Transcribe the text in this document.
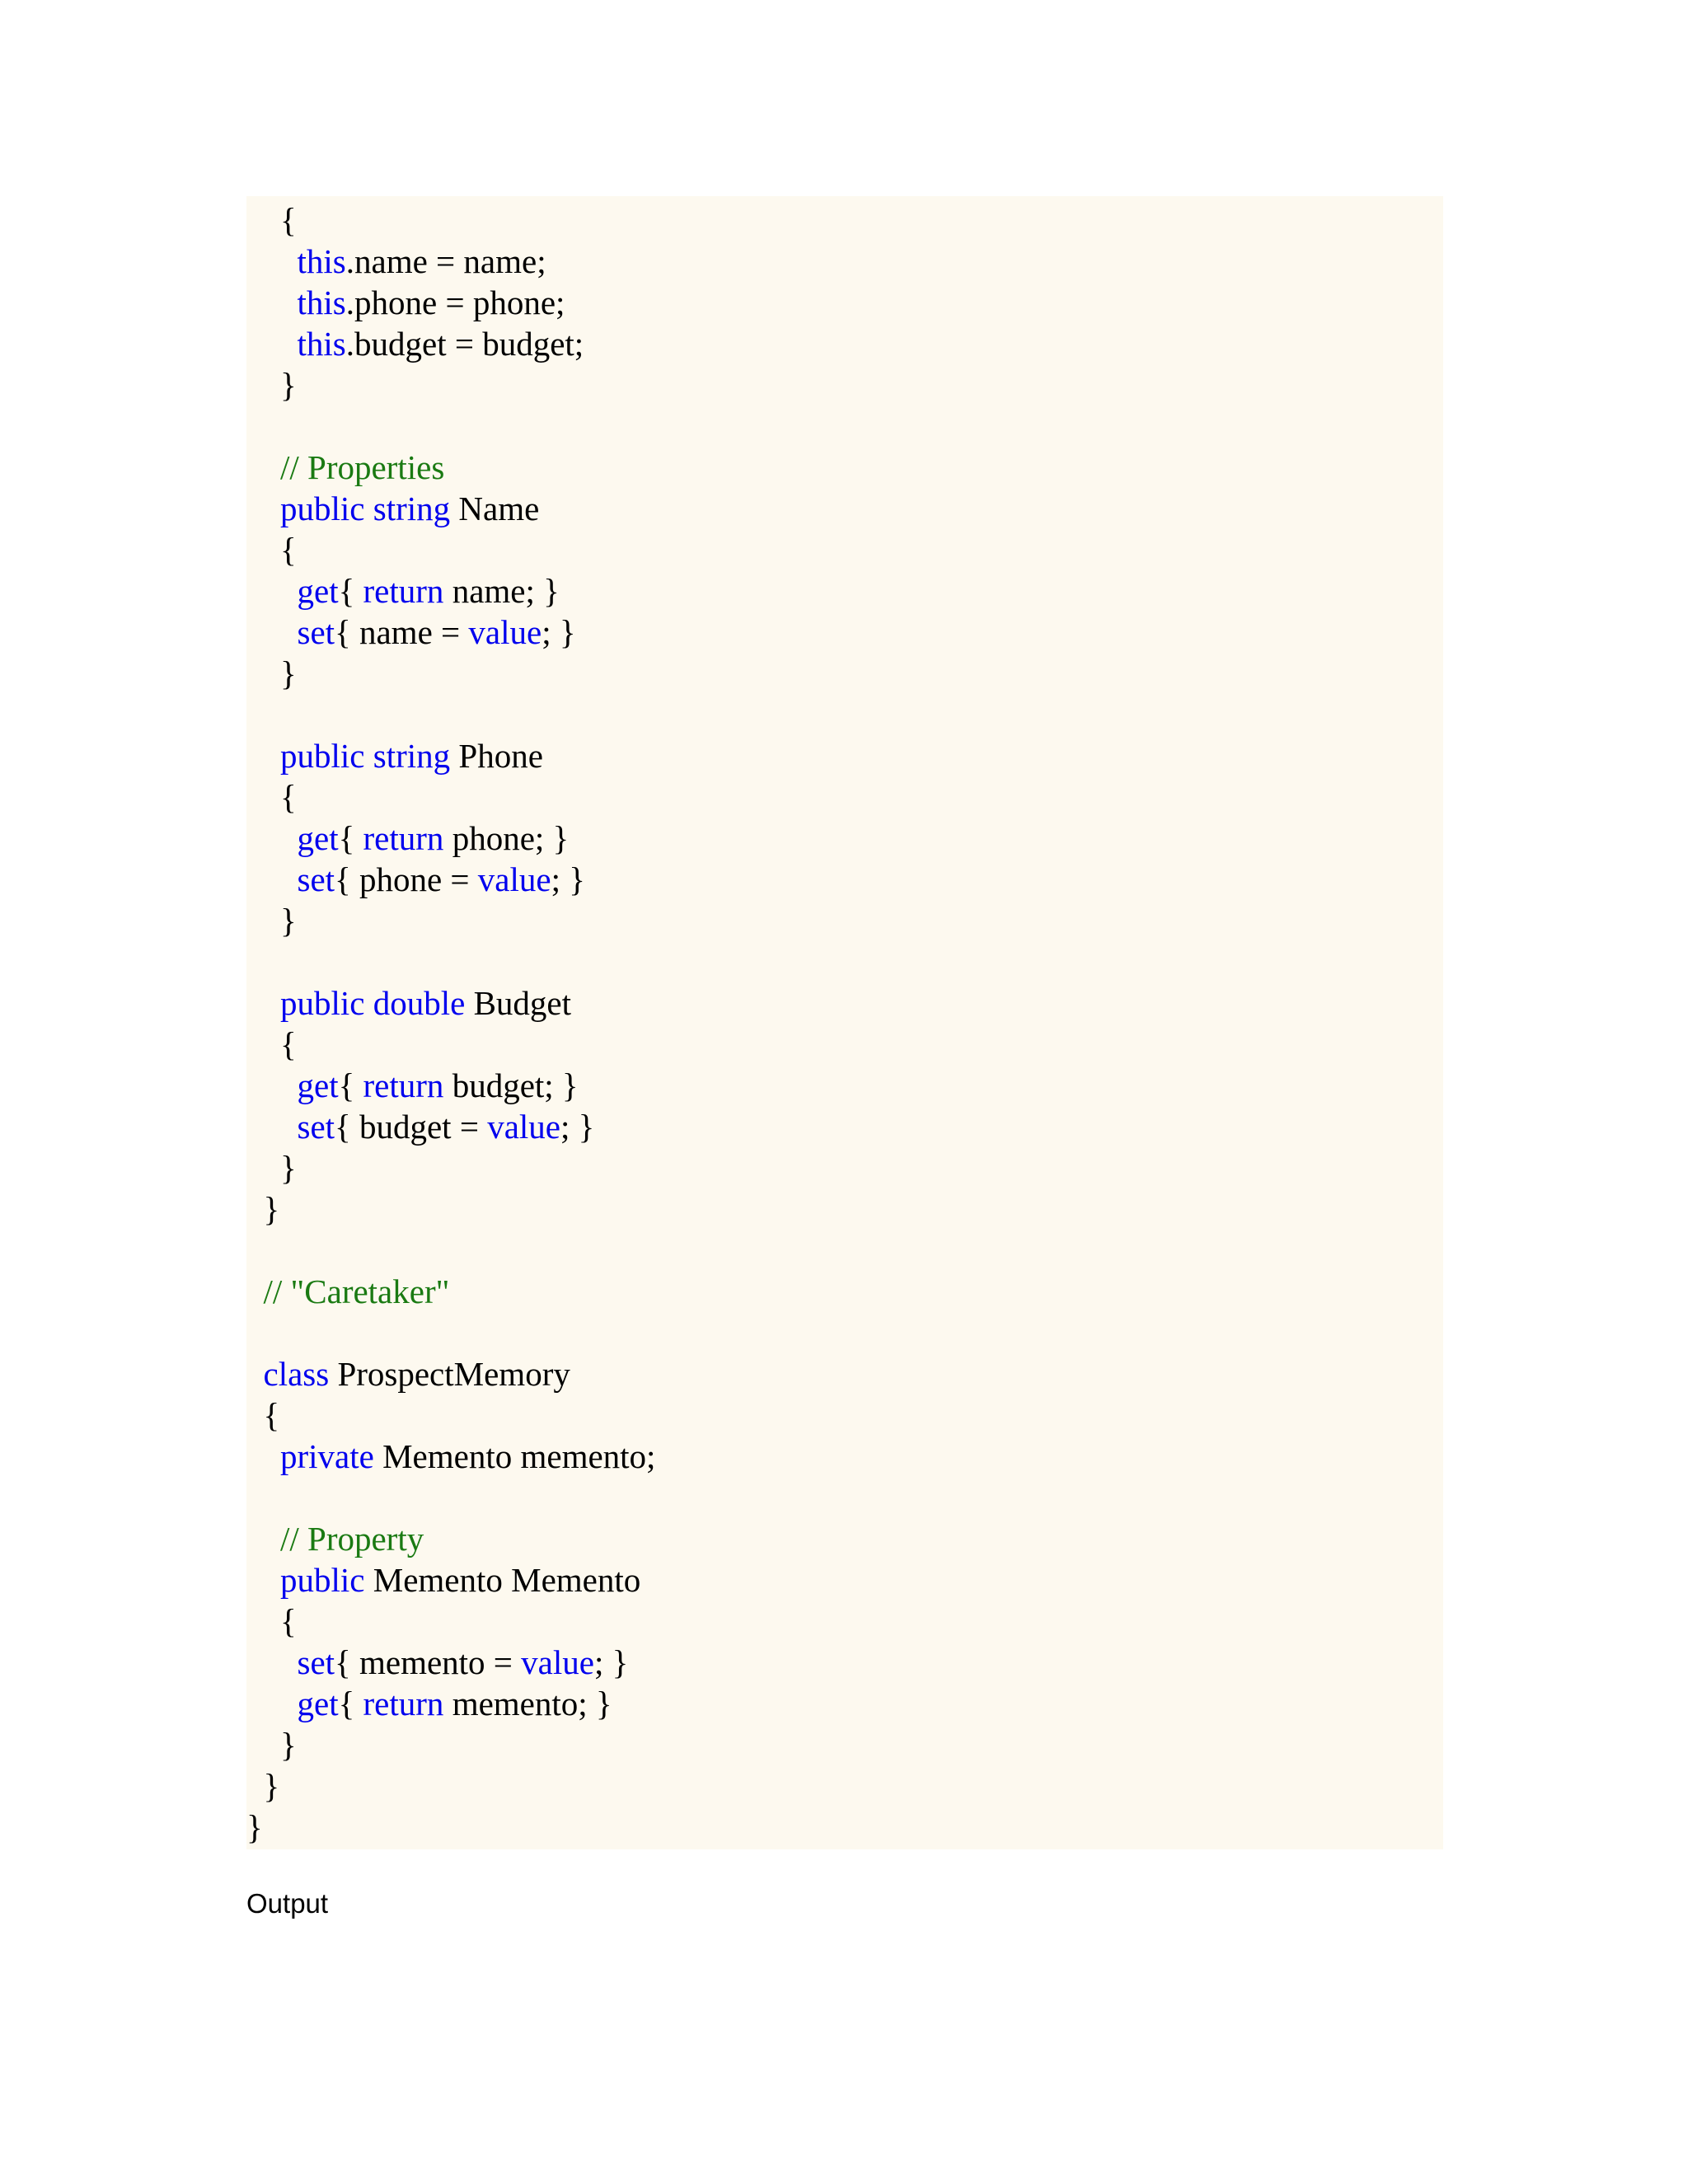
{
this.name = name;
this.phone = phone;
this.budget = budget;
}
// Properties
public string Name
{
get{ return name; }
set{ name = value; }
}
public string Phone
{
get{ return phone; }
set{ phone = value; }
}
public double Budget
{
get{ return budget; }
set{ budget = value; }
}
}
// "Caretaker"
class ProspectMemory
{
private Memento memento;
// Property
public Memento Memento
{
set{ memento = value; }
get{ return memento; }
}
}
}

Output
